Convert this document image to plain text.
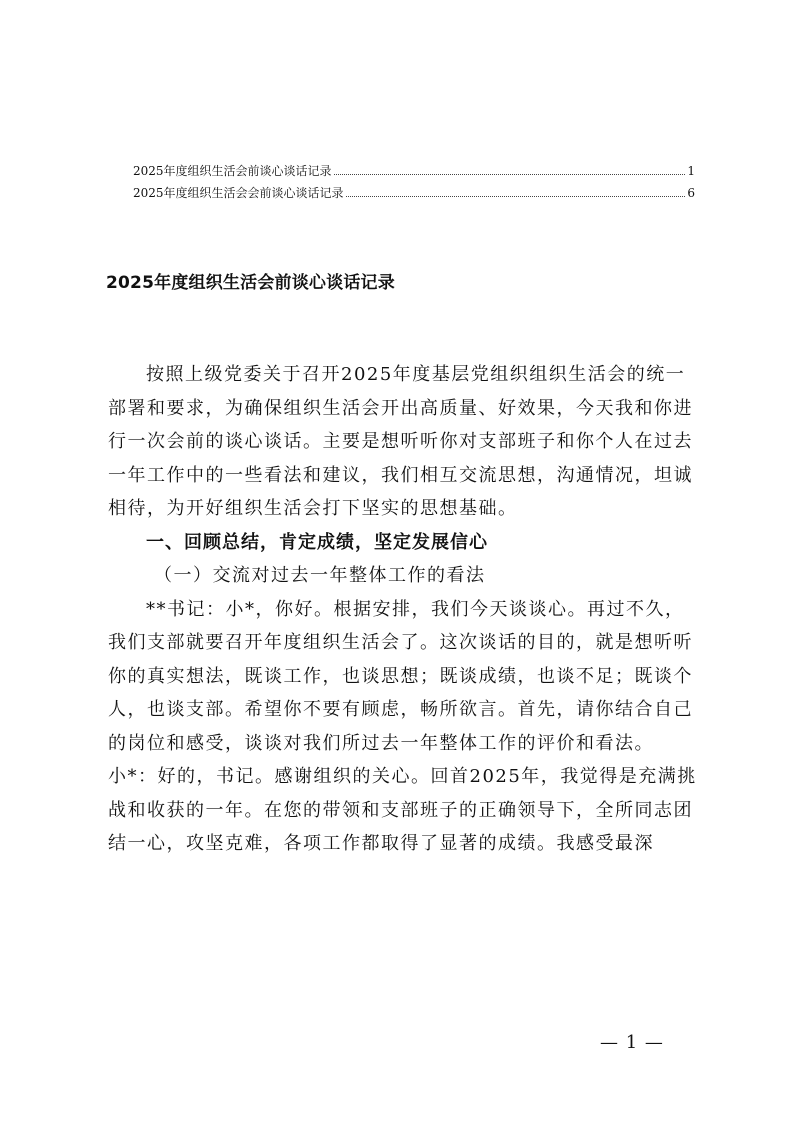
2025年度组织生活会前谈心谈话记录	1
2025年度组织生活会会前谈心谈话记录	6
2025年度组织生活会前谈心谈话记录

按照上级党委关于召开2025年度基层党组织组织生活会的统一部署和要求，为确保组织生活会开出高质量、好效果，今天我和你进行一次会前的谈心谈话。主要是想听听你对支部班子和你个人在过去一年工作中的一些看法和建议，我们相互交流思想，沟通情况，坦诚相待，为开好组织生活会打下坚实的思想基础。

一、回顾总结，肯定成绩，坚定发展信心

（一）交流对过去一年整体工作的看法

**书记：小*，你好。根据安排，我们今天谈谈心。再过不久，我们支部就要召开年度组织生活会了。这次谈话的目的，就是想听听你的真实想法，既谈工作，也谈思想；既谈成绩，也谈不足；既谈个人，也谈支部。希望你不要有顾虑，畅所欲言。首先，请你结合自己的岗位和感受，谈谈对我们所过去一年整体工作的评价和看法。

小*：好的，书记。感谢组织的关心。回首2025年，我觉得是充满挑战和收获的一年。在您的带领和支部班子的正确领导下，全所同志团结一心，攻坚克难，各项工作都取得了显著的成绩。我感受最深

— 1 —
